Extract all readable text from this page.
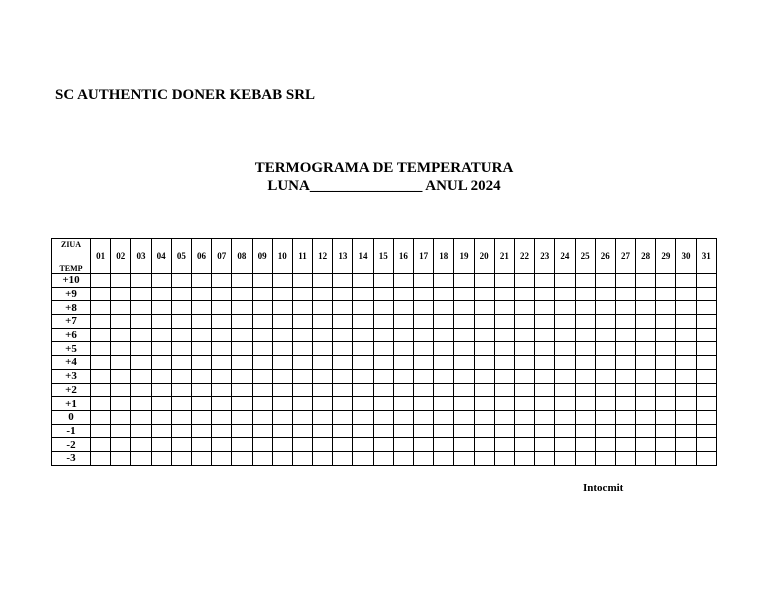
SC AUTHENTIC DONER KEBAB SRL
TERMOGRAMA DE TEMPERATURA
LUNA_______________ ANUL 2024
ZIUA
TEMP	01	02	03	04	05	06	07	08	09	10	11	12	13	14	15	16	17	18	19	20	21	22	23	24	25	26	27	28	29	30	31
+10																															
+9																															
+8																															
+7																															
+6																															
+5																															
+4																															
+3																															
+2																															
+1																															
0																															
-1																															
-2																															
-3																															
Intocmit
